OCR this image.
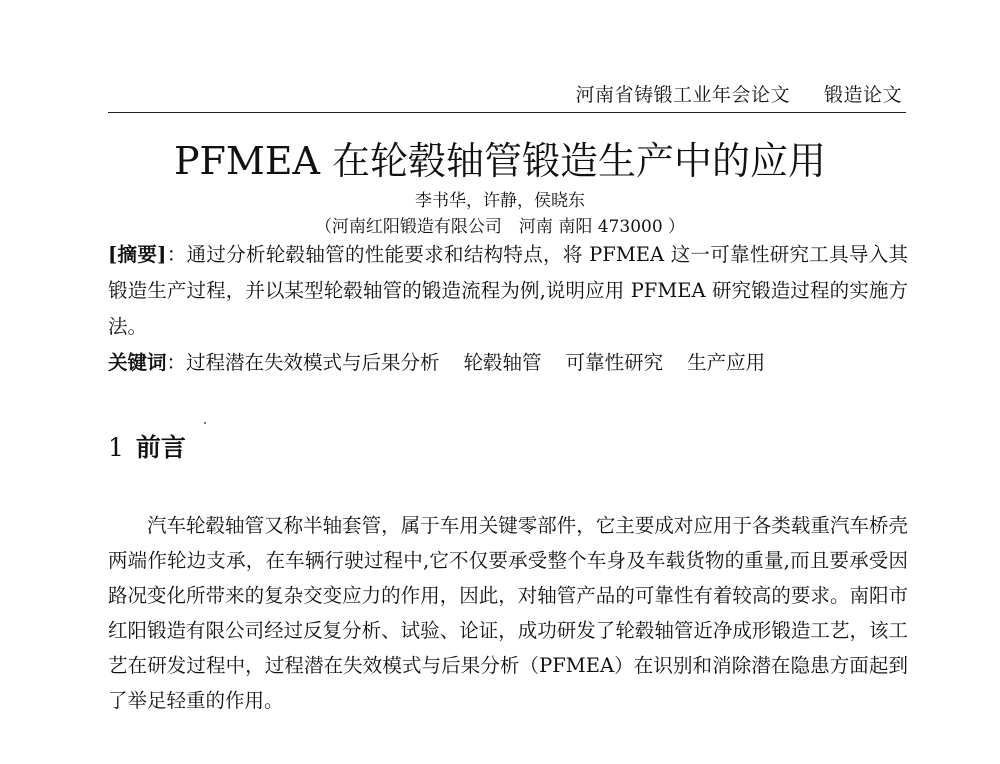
河南省铸锻工业年会论文 锻造论文
PFMEA 在轮毂轴管锻造生产中的应用
李书华，许静，侯晓东
（河南红阳锻造有限公司　河南 南阳 473000 ）

[摘要]：通过分析轮毂轴管的性能要求和结构特点，将 PFMEA 这一可靠性研究工具导入其锻造生产过程，并以某型轮毂轴管的锻造流程为例,说明应用 PFMEA 研究锻造过程的实施方法。

关键词：过程潜在失效模式与后果分析 轮毂轴管 可靠性研究 生产应用

1 前言

汽车轮毂轴管又称半轴套管，属于车用关键零部件，它主要成对应用于各类载重汽车桥壳两端作轮边支承，在车辆行驶过程中,它不仅要承受整个车身及车载货物的重量,而且要承受因路况变化所带来的复杂交变应力的作用，因此，对轴管产品的可靠性有着较高的要求。南阳市红阳锻造有限公司经过反复分析、试验、论证，成功研发了轮毂轴管近净成形锻造工艺，该工艺在研发过程中，过程潜在失效模式与后果分析（PFMEA）在识别和消除潜在隐患方面起到了举足轻重的作用。
